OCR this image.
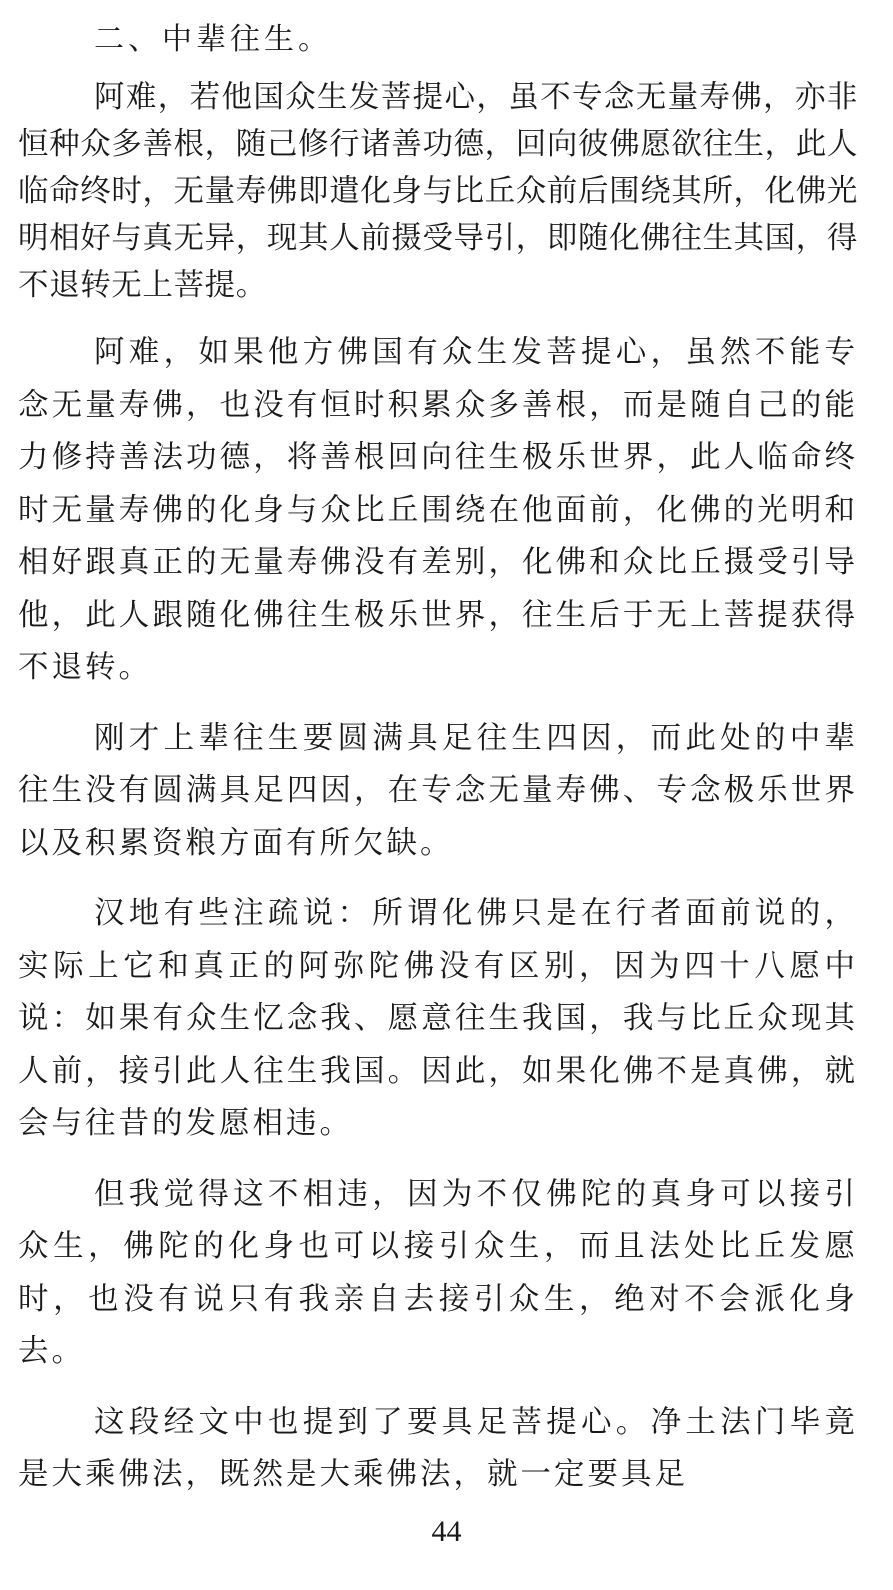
二、中辈往生。

阿难，若他国众生发菩提心，虽不专念无量寿佛，亦非恒种众多善根，随己修行诸善功德，回向彼佛愿欲往生，此人临命终时，无量寿佛即遣化身与比丘众前后围绕其所，化佛光明相好与真无异，现其人前摄受导引，即随化佛往生其国，得不退转无上菩提。

阿难，如果他方佛国有众生发菩提心，虽然不能专念无量寿佛，也没有恒时积累众多善根，而是随自己的能力修持善法功德，将善根回向往生极乐世界，此人临命终时无量寿佛的化身与众比丘围绕在他面前，化佛的光明和相好跟真正的无量寿佛没有差别，化佛和众比丘摄受引导他，此人跟随化佛往生极乐世界，往生后于无上菩提获得不退转。

刚才上辈往生要圆满具足往生四因，而此处的中辈往生没有圆满具足四因，在专念无量寿佛、专念极乐世界以及积累资粮方面有所欠缺。

汉地有些注疏说：所谓化佛只是在行者面前说的，实际上它和真正的阿弥陀佛没有区别，因为四十八愿中说：如果有众生忆念我、愿意往生我国，我与比丘众现其人前，接引此人往生我国。因此，如果化佛不是真佛，就会与往昔的发愿相违。

但我觉得这不相违，因为不仅佛陀的真身可以接引众生，佛陀的化身也可以接引众生，而且法处比丘发愿时，也没有说只有我亲自去接引众生，绝对不会派化身去。

这段经文中也提到了要具足菩提心。净土法门毕竟是大乘佛法，既然是大乘佛法，就一定要具足

44
